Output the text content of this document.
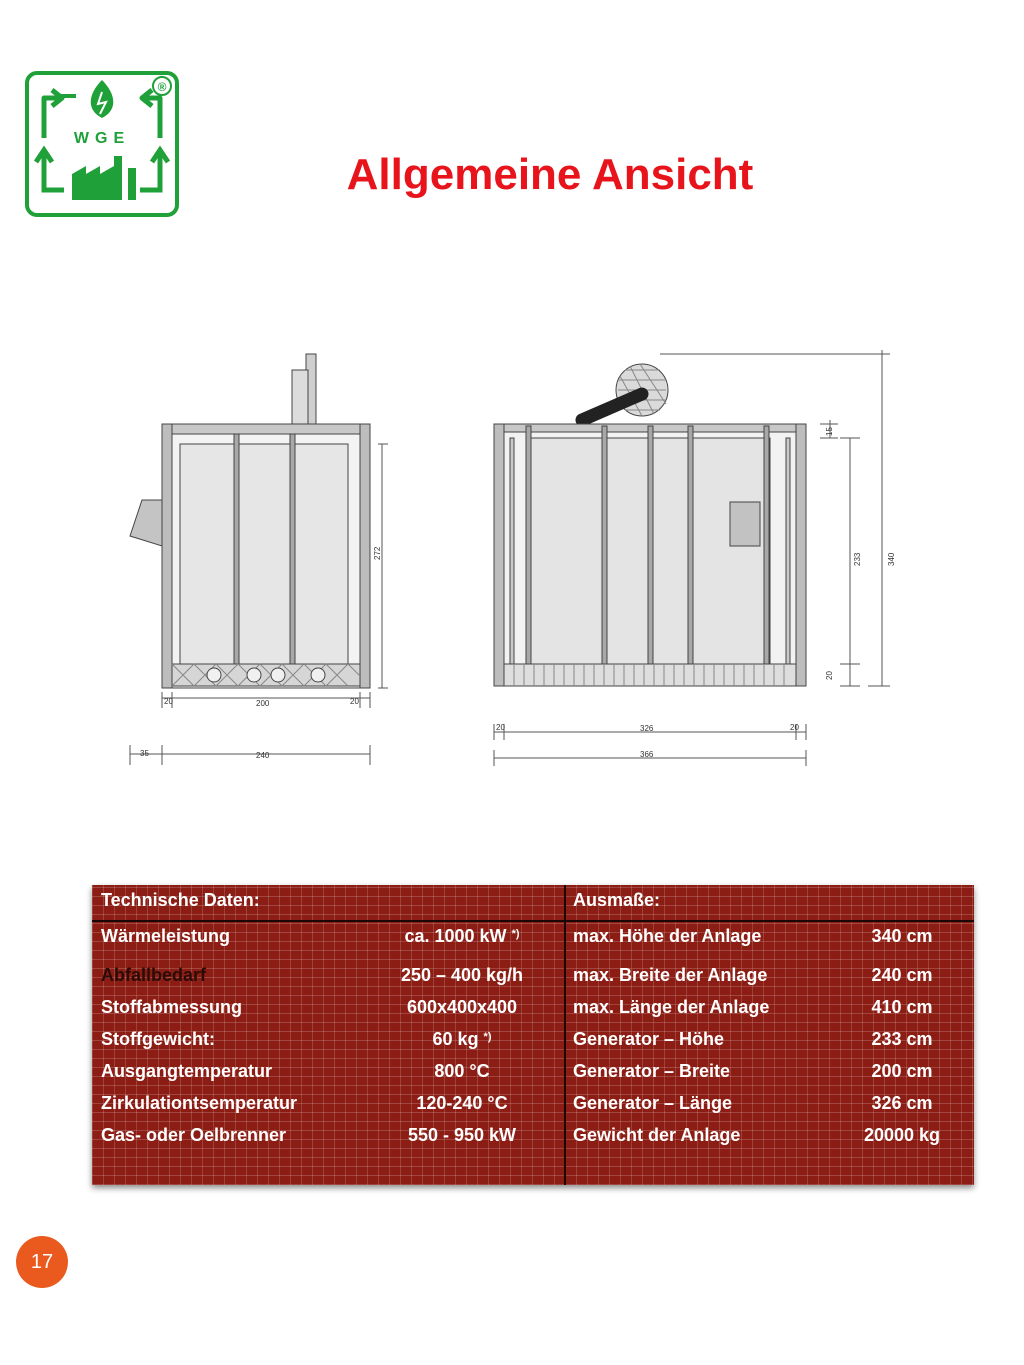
WGE
®
Allgemeine Ansicht
272
20	200	20
35	240
15
233	340
20
20	326	20
366
Technische Daten:	Ausmaße:
Wärmeleistung	ca. 1000 kW *)	max. Höhe der Anlage	340 cm
Abfallbedarf	250 – 400 kg/h	max. Breite der Anlage	240 cm
Stoffabmessung	600x400x400	max. Länge der Anlage	410 cm
Stoffgewicht:	60 kg *)	Generator – Höhe	233 cm
Ausgangtemperatur	800 °C	Generator – Breite	200 cm
Zirkulationtsemperatur	120-240 °C	Generator – Länge	326 cm
Gas- oder Oelbrenner	550 - 950 kW	Gewicht der Anlage	20000 kg
17
